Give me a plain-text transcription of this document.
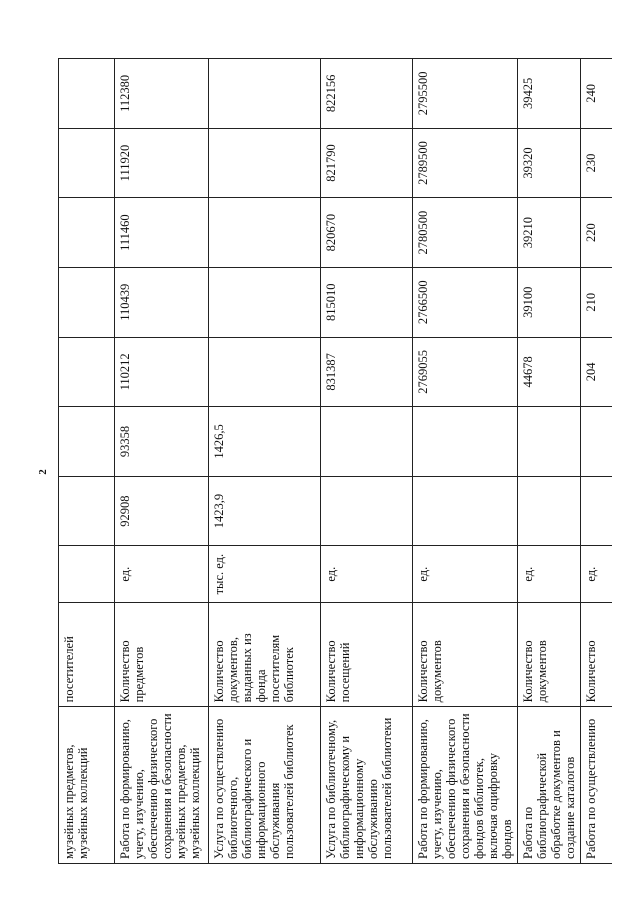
2
музейных предметов, музейных коллекций	посетителей								
Работа по формированию, учету, изучению, обеспечению физического сохранения и безопасности музейных предметов, музейных коллекций	Количество предметов	ед.	92908	93358	110212	110439	111460	111920	112380
Услуга по осуществлению библиотечного, библиографического и информационного обслуживания пользователей библиотек	Количество документов, выданных из фонда посетителям библиотек	тыс. ед.	1423,9	1426,5					
Услуга по библиотечному, библиографическому и информационному обслуживанию пользователей библиотеки	Количество посещений	ед.			831387	815010	820670	821790	822156
Работа по формированию, учету, изучению, обеспечению физического сохранения и безопасности фондов библиотек, включая оцифровку фондов	Количество документов	ед.			2769055	2766500	2780500	2789500	2795500
Работа по библиографической обработке документов и создание каталогов	Количество документов	ед.			44678	39100	39210	39320	39425
Работа по осуществлению	Количество	ед.			204	210	220	230	240
